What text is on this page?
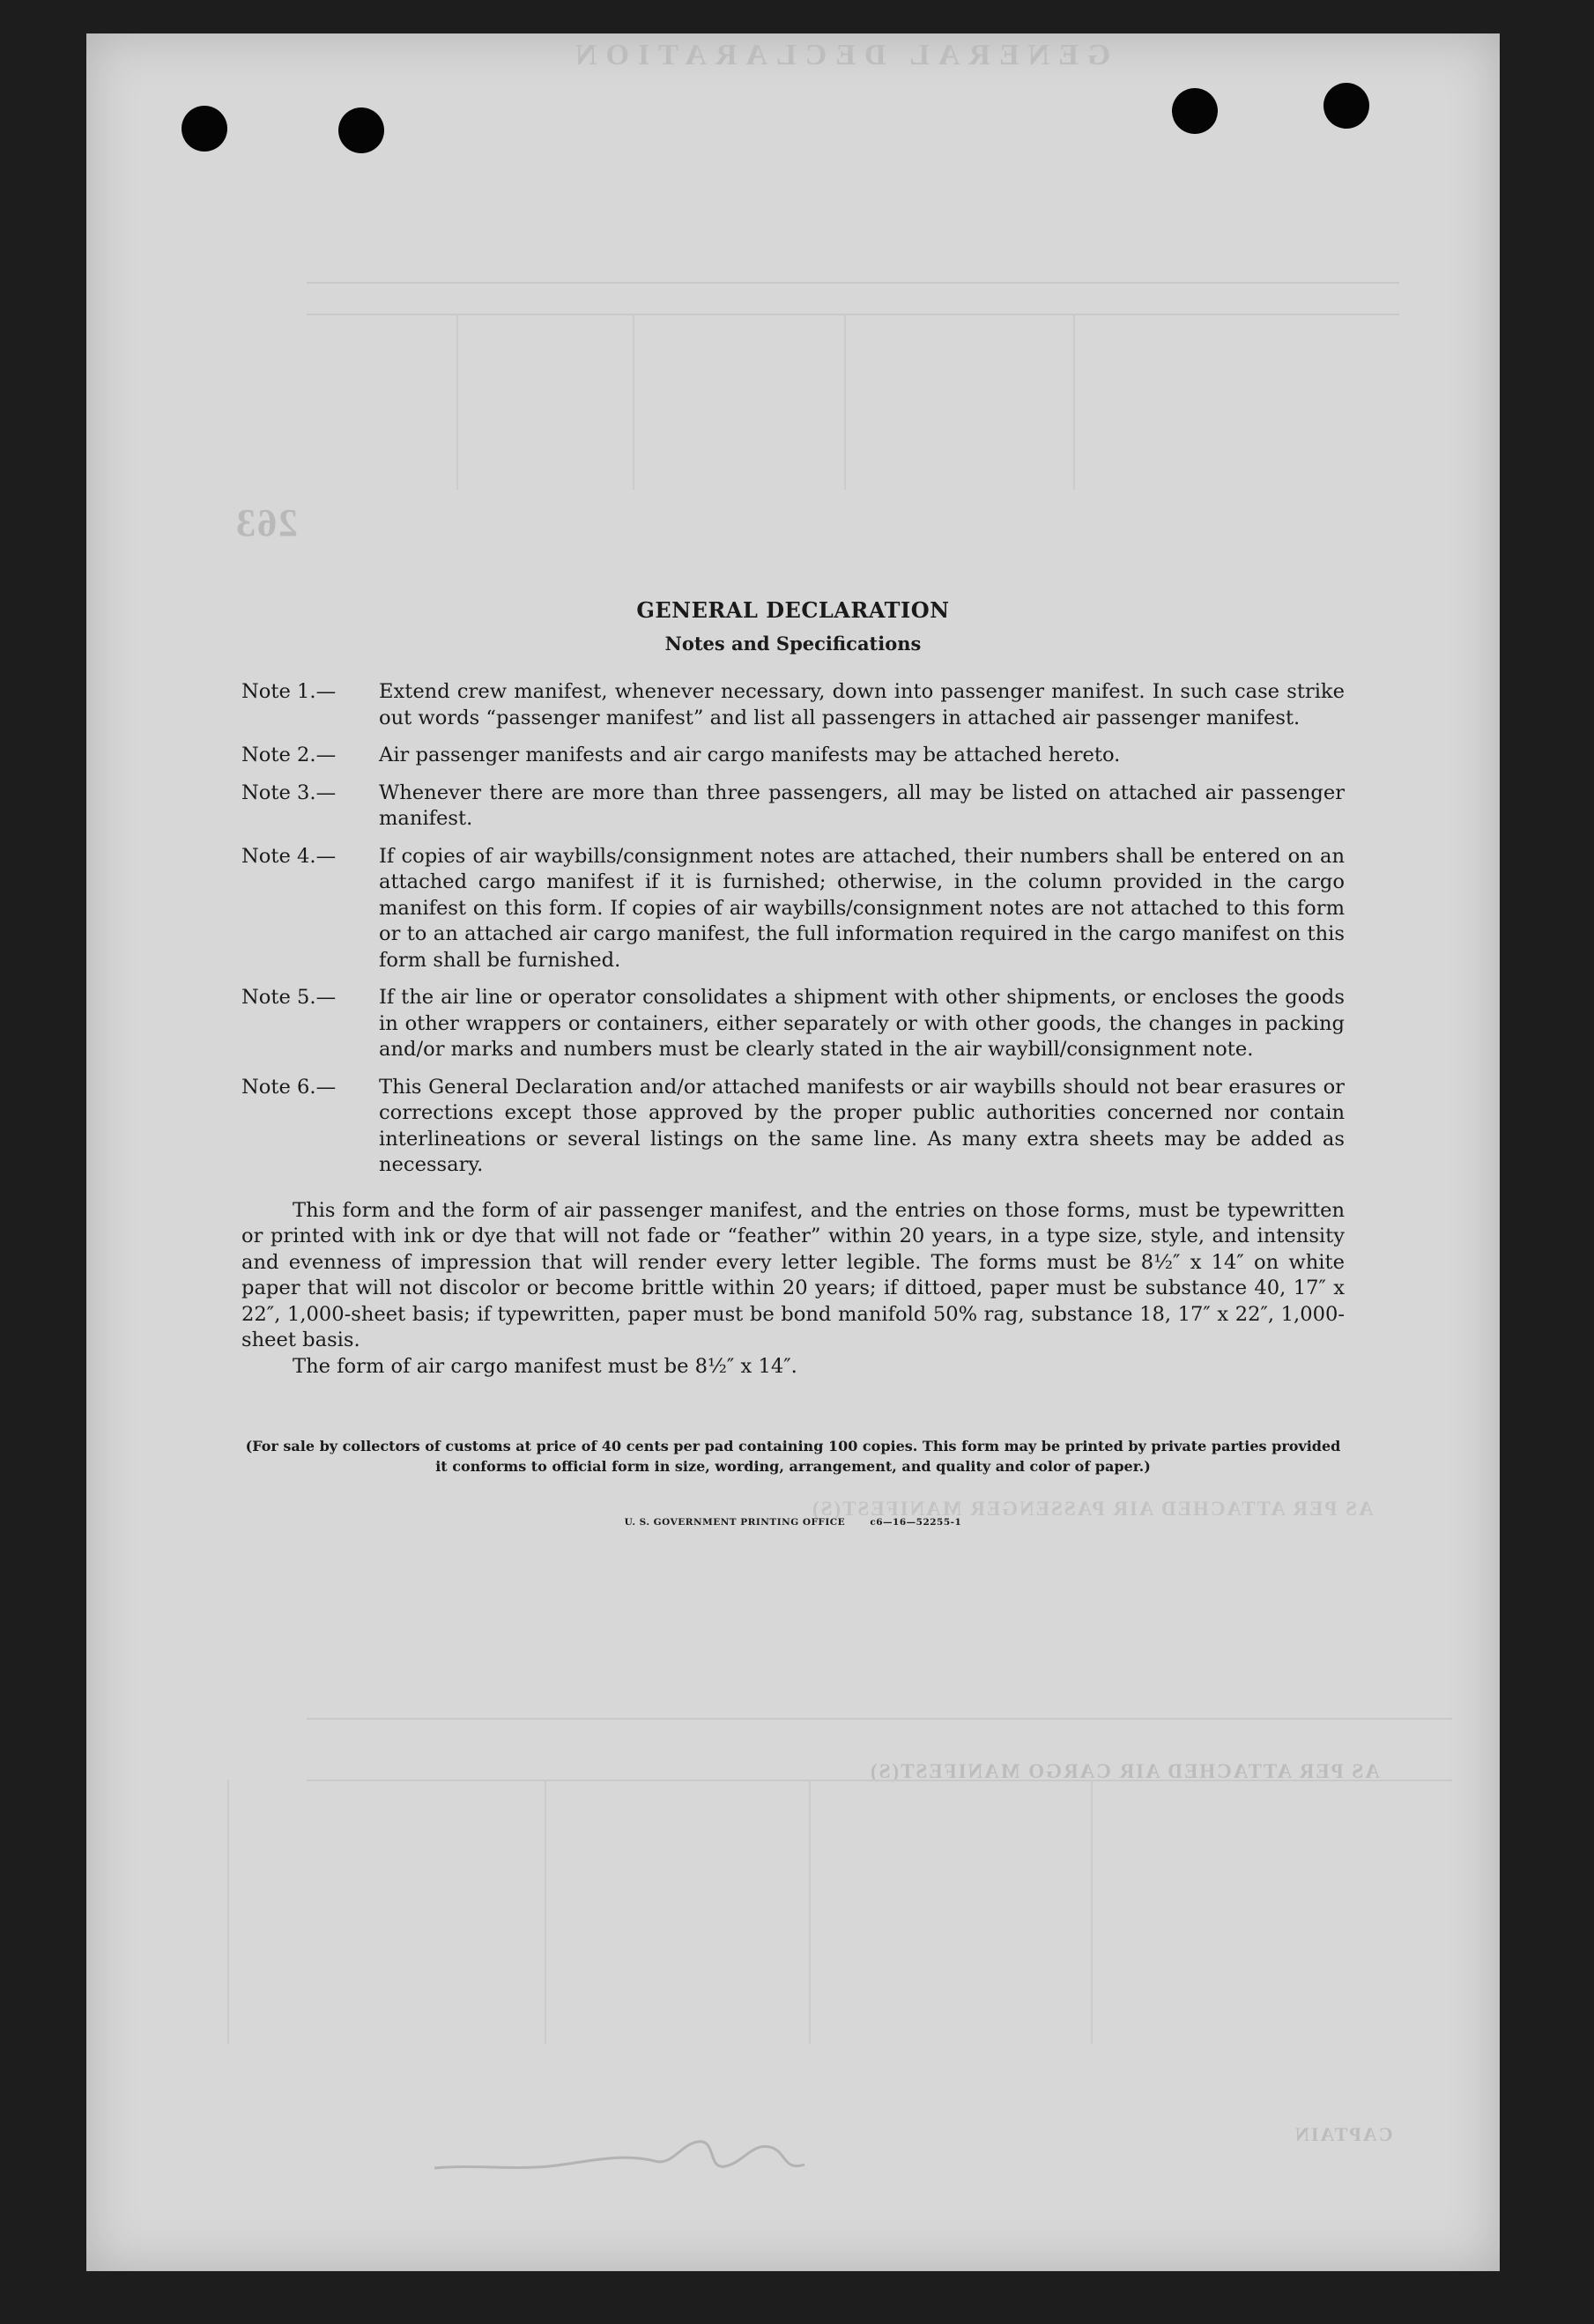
GENERAL DECLARATION
263
AS PER ATTACHED AIR PASSENGER MANIFEST(S)
AS PER ATTACHED AIR CARGO MANIFEST(S)
CAPTAIN
GENERAL DECLARATION
Notes and Specifications
Note 1.— Extend crew manifest, whenever necessary, down into passenger manifest. In such case strike out words “passenger manifest” and list all passengers in attached air passenger manifest.
Note 2.— Air passenger manifests and air cargo manifests may be attached hereto.
Note 3.— Whenever there are more than three passengers, all may be listed on attached air passenger manifest.
Note 4.— If copies of air waybills/consignment notes are attached, their numbers shall be entered on an attached cargo manifest if it is furnished; otherwise, in the column provided in the cargo manifest on this form. If copies of air waybills/consignment notes are not attached to this form or to an attached air cargo manifest, the full information required in the cargo manifest on this form shall be furnished.
Note 5.— If the air line or operator consolidates a shipment with other shipments, or encloses the goods in other wrappers or containers, either separately or with other goods, the changes in packing and/or marks and numbers must be clearly stated in the air waybill/consignment note.
Note 6.— This General Declaration and/or attached manifests or air waybills should not bear erasures or corrections except those approved by the proper public authorities concerned nor contain interlineations or several listings on the same line. As many extra sheets may be added as necessary.
This form and the form of air passenger manifest, and the entries on those forms, must be typewritten or printed with ink or dye that will not fade or “feather” within 20 years, in a type size, style, and intensity and evenness of impression that will render every letter legible. The forms must be 8½″ x 14″ on white paper that will not discolor or become brittle within 20 years; if dittoed, paper must be substance 40, 17″ x 22″, 1,000-sheet basis; if typewritten, paper must be bond manifold 50% rag, substance 18, 17″ x 22″, 1,000-sheet basis.
The form of air cargo manifest must be 8½″ x 14″.
(For sale by collectors of customs at price of 40 cents per pad containing 100 copies. This form may be printed by private parties provided it conforms to official form in size, wording, arrangement, and quality and color of paper.)
U. S. GOVERNMENT PRINTING OFFICE	c6—16—52255-1
